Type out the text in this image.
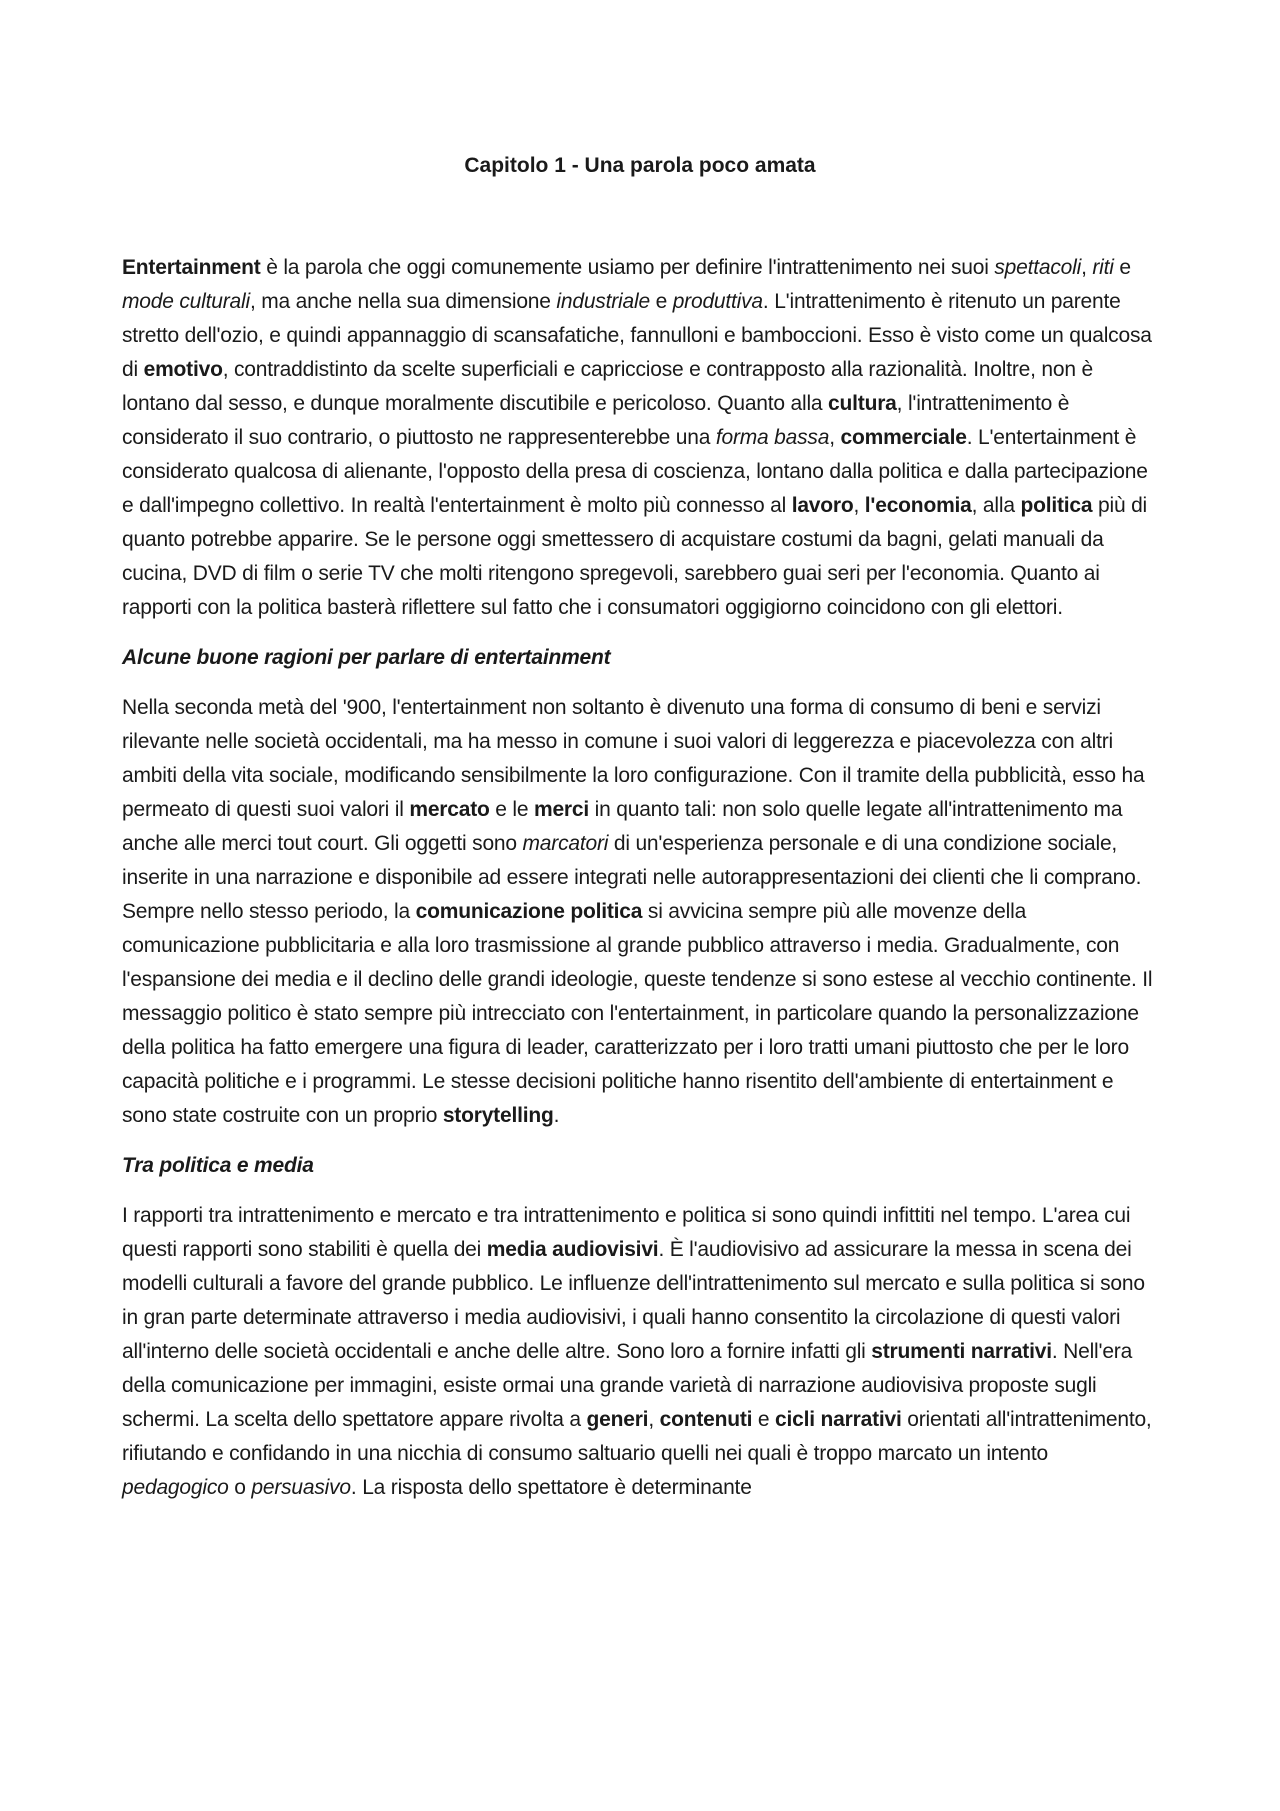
Capitolo 1 - Una parola poco amata

Entertainment è la parola che oggi comunemente usiamo per definire l'intrattenimento nei suoi spettacoli, riti e mode culturali, ma anche nella sua dimensione industriale e produttiva. L'intrattenimento è ritenuto un parente stretto dell'ozio, e quindi appannaggio di scansafatiche, fannulloni e bamboccioni. Esso è visto come un qualcosa di emotivo, contraddistinto da scelte superficiali e capricciose e contrapposto alla razionalità. Inoltre, non è lontano dal sesso, e dunque moralmente discutibile e pericoloso. Quanto alla cultura, l'intrattenimento è considerato il suo contrario, o piuttosto ne rappresenterebbe una forma bassa, commerciale. L'entertainment è considerato qualcosa di alienante, l'opposto della presa di coscienza, lontano dalla politica e dalla partecipazione e dall'impegno collettivo. In realtà l'entertainment è molto più connesso al lavoro, l'economia, alla politica più di quanto potrebbe apparire. Se le persone oggi smettessero di acquistare costumi da bagni, gelati manuali da cucina, DVD di film o serie TV che molti ritengono spregevoli, sarebbero guai seri per l'economia. Quanto ai rapporti con la politica basterà riflettere sul fatto che i consumatori oggigiorno coincidono con gli elettori.

Alcune buone ragioni per parlare di entertainment

Nella seconda metà del '900, l'entertainment non soltanto è divenuto una forma di consumo di beni e servizi rilevante nelle società occidentali, ma ha messo in comune i suoi valori di leggerezza e piacevolezza con altri ambiti della vita sociale, modificando sensibilmente la loro configurazione. Con il tramite della pubblicità, esso ha permeato di questi suoi valori il mercato e le merci in quanto tali: non solo quelle legate all'intrattenimento ma anche alle merci tout court. Gli oggetti sono marcatori di un'esperienza personale e di una condizione sociale, inserite in una narrazione e disponibile ad essere integrati nelle autorappresentazioni dei clienti che li comprano. Sempre nello stesso periodo, la comunicazione politica si avvicina sempre più alle movenze della comunicazione pubblicitaria e alla loro trasmissione al grande pubblico attraverso i media. Gradualmente, con l'espansione dei media e il declino delle grandi ideologie, queste tendenze si sono estese al vecchio continente. Il messaggio politico è stato sempre più intrecciato con l'entertainment, in particolare quando la personalizzazione della politica ha fatto emergere una figura di leader, caratterizzato per i loro tratti umani piuttosto che per le loro capacità politiche e i programmi. Le stesse decisioni politiche hanno risentito dell'ambiente di entertainment e sono state costruite con un proprio storytelling.

Tra politica e media

I rapporti tra intrattenimento e mercato e tra intrattenimento e politica si sono quindi infittiti nel tempo. L'area cui questi rapporti sono stabiliti è quella dei media audiovisivi. È l'audiovisivo ad assicurare la messa in scena dei modelli culturali a favore del grande pubblico. Le influenze dell'intrattenimento sul mercato e sulla politica si sono in gran parte determinate attraverso i media audiovisivi, i quali hanno consentito la circolazione di questi valori all'interno delle società occidentali e anche delle altre. Sono loro a fornire infatti gli strumenti narrativi. Nell'era della comunicazione per immagini, esiste ormai una grande varietà di narrazione audiovisiva proposte sugli schermi. La scelta dello spettatore appare rivolta a generi, contenuti e cicli narrativi orientati all'intrattenimento, rifiutando e confidando in una nicchia di consumo saltuario quelli nei quali è troppo marcato un intento pedagogico o persuasivo. La risposta dello spettatore è determinante
